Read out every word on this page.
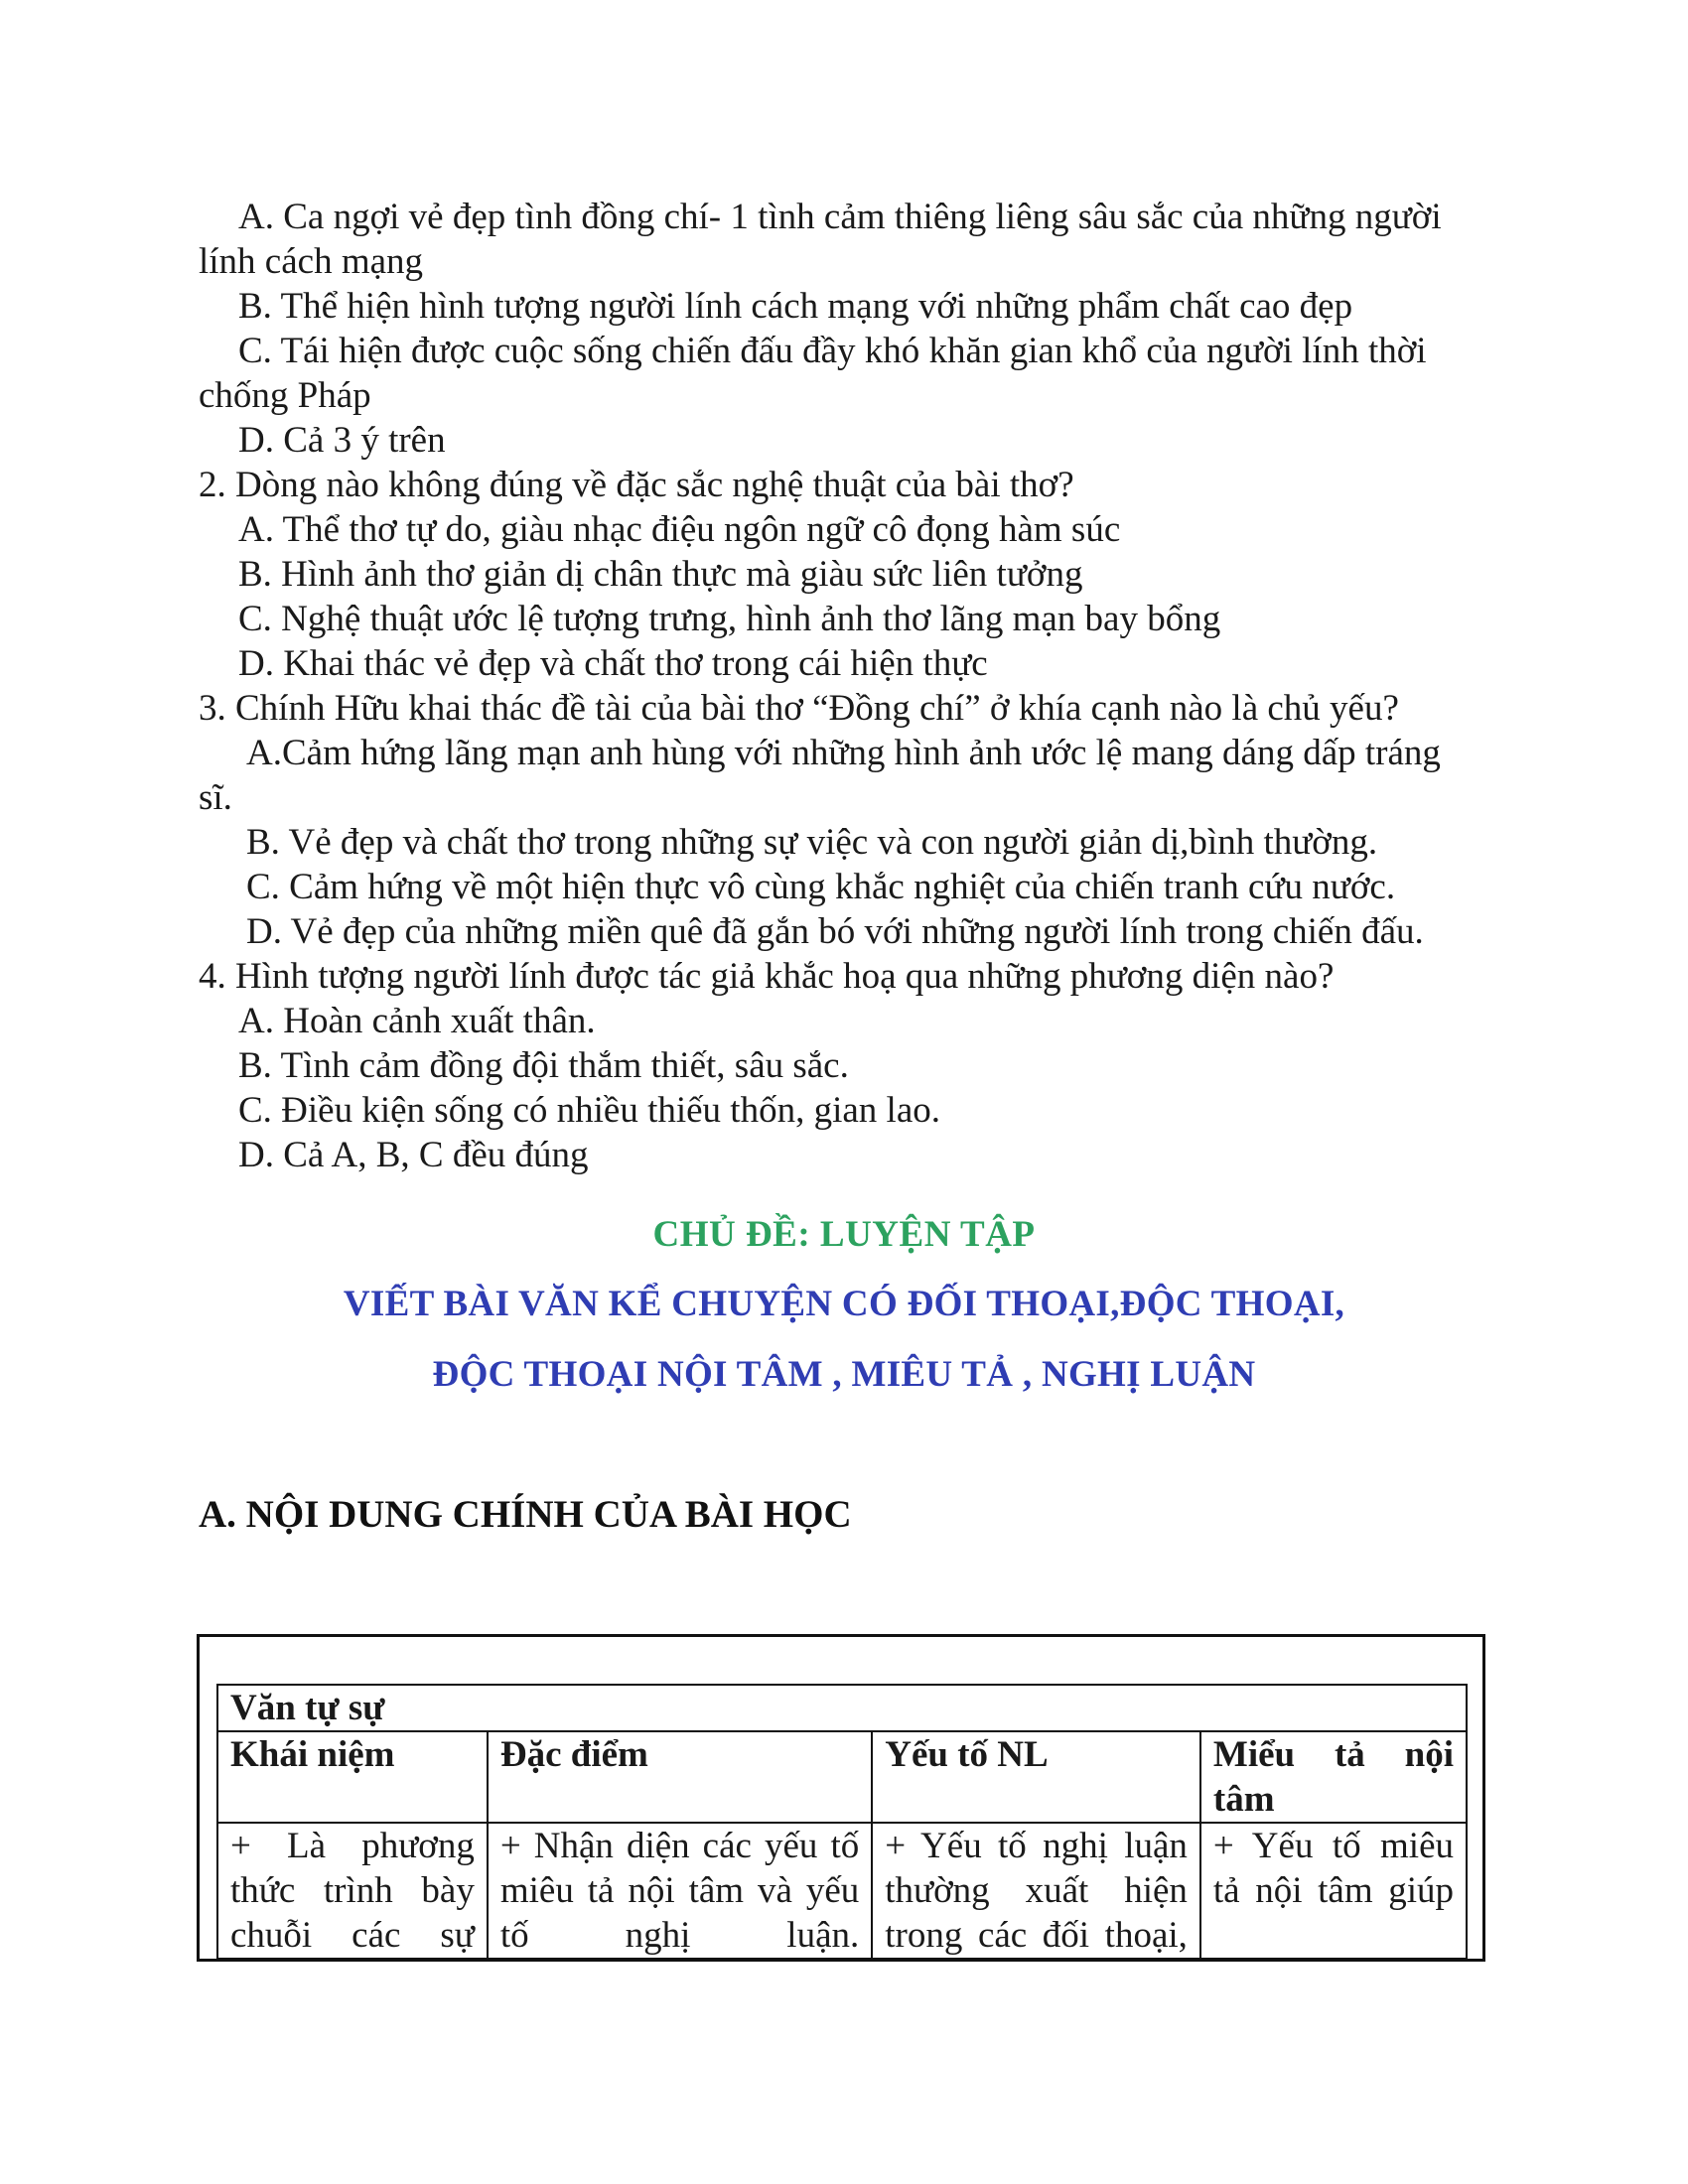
A. Ca ngợi vẻ đẹp tình đồng chí- 1 tình cảm thiêng liêng sâu sắc của những người
lính cách mạng
B. Thể hiện hình tượng người lính cách mạng với những phẩm chất cao đẹp
C. Tái hiện được cuộc sống chiến đấu đầy khó khăn gian khổ của người lính thời
chống Pháp
D. Cả 3 ý trên
2. Dòng nào không đúng về đặc sắc nghệ thuật của bài thơ?
A. Thể thơ tự do, giàu nhạc điệu ngôn ngữ cô đọng hàm súc
B. Hình ảnh thơ giản dị chân thực mà giàu sức liên tưởng
C. Nghệ thuật ước lệ tượng trưng, hình ảnh thơ lãng mạn bay bổng
D. Khai thác vẻ đẹp và chất thơ trong cái hiện thực
3. Chính Hữu khai thác đề tài của bài thơ “Đồng chí” ở khía cạnh nào là chủ yếu?
A.Cảm hứng lãng mạn anh hùng với những hình ảnh ước lệ mang dáng dấp tráng
sĩ.
B. Vẻ đẹp và chất thơ trong những sự việc và con người giản dị,bình thường.
C. Cảm hứng về một hiện thực vô cùng khắc nghiệt của chiến tranh cứu nước.
D. Vẻ đẹp của những miền quê đã gắn bó với những người lính trong chiến đấu.
4. Hình tượng người lính được tác giả khắc hoạ qua những phương diện nào?
A. Hoàn cảnh xuất thân.
B. Tình cảm đồng đội thắm thiết, sâu sắc.
C. Điều kiện sống có nhiều thiếu thốn, gian lao.
D. Cả A, B, C đều đúng
CHỦ ĐỀ: LUYỆN TẬP
VIẾT BÀI VĂN KỂ CHUYỆN CÓ ĐỐI THOẠI,ĐỘC THOẠI,
ĐỘC THOẠI NỘI TÂM , MIÊU TẢ , NGHỊ LUẬN
A. NỘI DUNG CHÍNH CỦA BÀI HỌC
Văn tự sự			
Khái niệm	Đặc điểm	Yếu tố NL	Miểu tả nội tâm
+ Là phương thức trình bày chuỗi các sự	+ Nhận diện các yếu tố miêu tả nội tâm và yếu tố nghị luận.	+ Yếu tố nghị luận thường xuất hiện trong các đối thoại,	+ Yếu tố miêu tả nội tâm giúp
